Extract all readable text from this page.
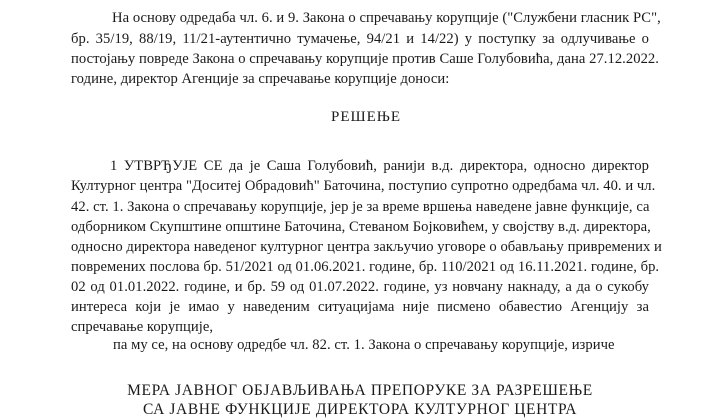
На основу одредаба чл. 6. и 9. Закона о спречавању корупције ("Службени гласник РС",
бр. 35/19, 88/19, 11/21-аутентично тумачење, 94/21 и 14/22) у поступку за одлучивање о
постојању повреде Закона о спречавању корупције против Саше Голубовића, дана 27.12.2022.
године, директор Агенције за спречавање корупције доноси:
РЕШЕЊЕ
1 УТВРЂУЈЕ СЕ да је Саша Голубовић, ранији в.д. директора, односно директор
Културног центра "Доситеј Обрадовић" Баточина, поступио супротно одредбама чл. 40. и чл.
42. ст. 1. Закона о спречавању корупције, јер је за време вршења наведене јавне функције, са
одборником Скупштине општине Баточина, Стеваном Бојковићем, у својству в.д. директора,
односно директора наведеног културног центра закључио уговоре о обављању привремених и
повремених послова бр. 51/2021 од 01.06.2021. године, бр. 110/2021 од 16.11.2021. године, бр.
02 од 01.01.2022. године, и бр. 59 од 01.07.2022. године, уз новчану накнаду, а да о сукобу
интереса који је имао у наведеним ситуацијама није писмено обавестио Агенцију за
спречавање корупције,
па му се, на основу одредбе чл. 82. ст. 1. Закона о спречавању корупције, изриче
МЕРА ЈАВНОГ ОБЈАВЉИВАЊА ПРЕПОРУКЕ ЗА РАЗРЕШЕЊЕ
СА ЈАВНЕ ФУНКЦИЈЕ ДИРЕКТОРА КУЛТУРНОГ ЦЕНТРА
